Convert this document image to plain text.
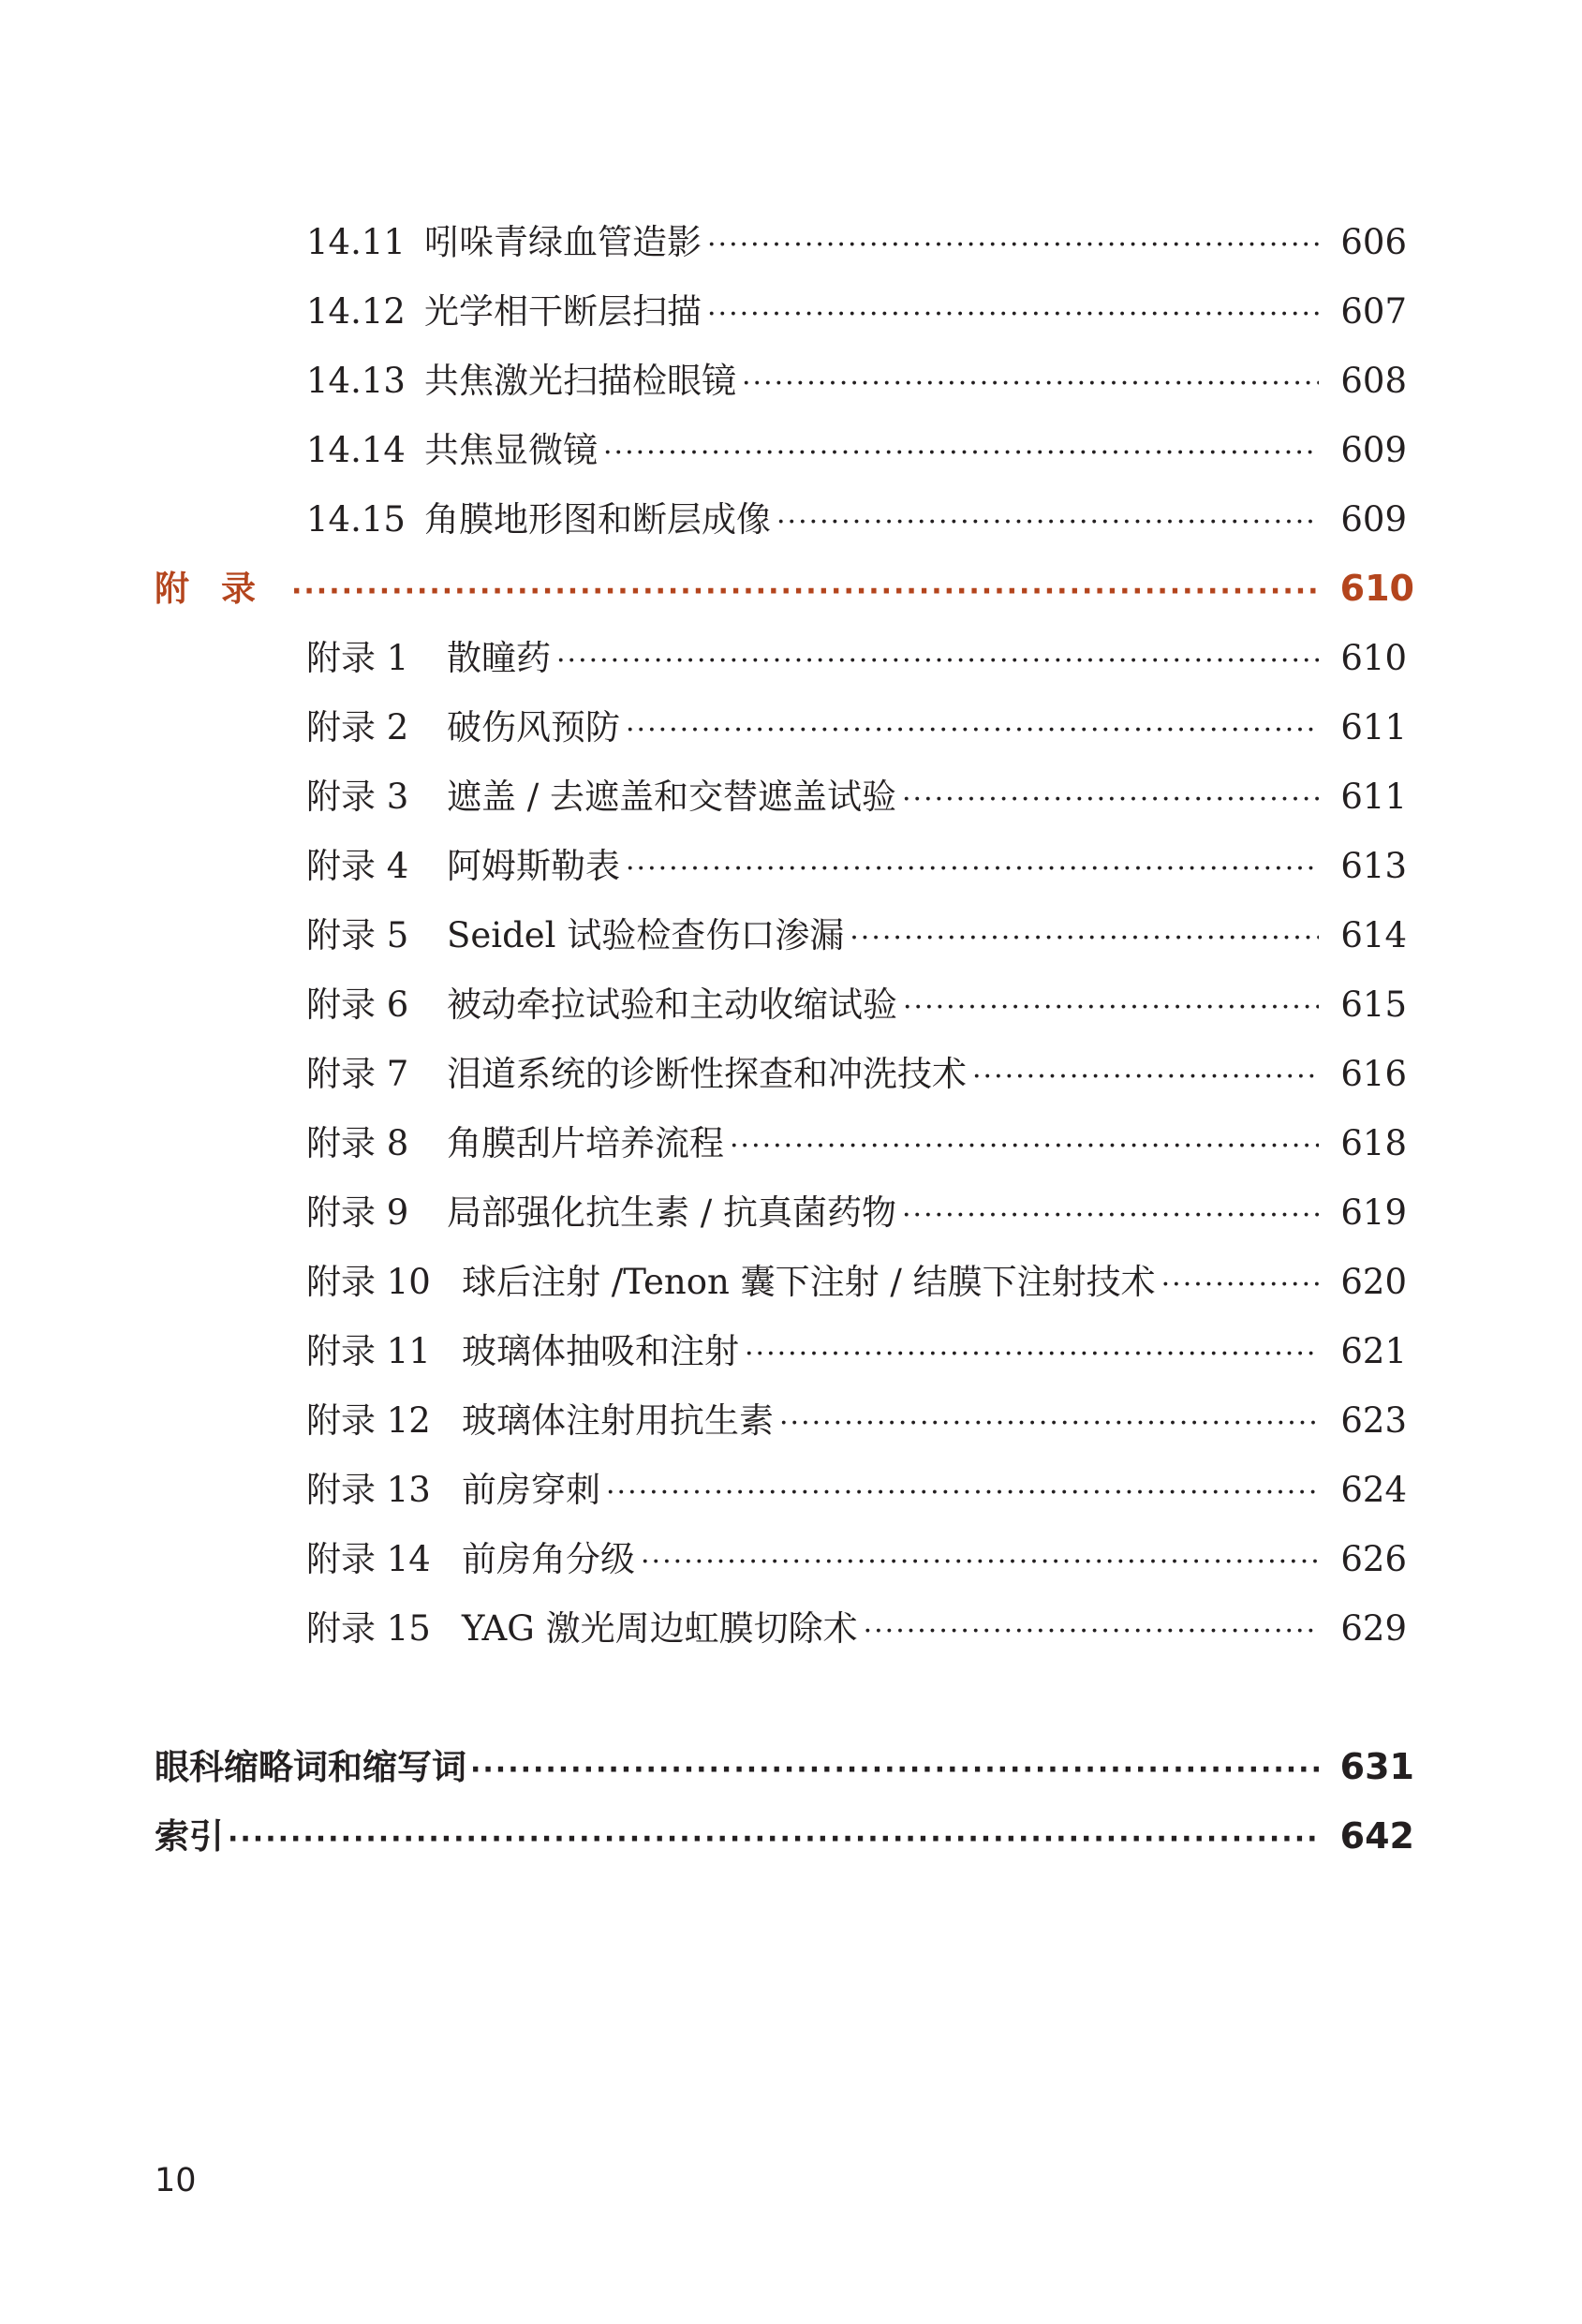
14.11 吲哚青绿血管造影 ·····	606
14.12 光学相干断层扫描 ·····	607
14.13 共焦激光扫描检眼镜 ·····	608
14.14 共焦显微镜 ·····	609
14.15 角膜地形图和断层成像 ·····	609
附录 ·····	610
附录 1	散瞳药 ·····	610
附录 2	破伤风预防 ·····	611
附录 3	遮盖 / 去遮盖和交替遮盖试验 ·····	611
附录 4	阿姆斯勒表 ·····	613
附录 5	Seidel 试验检查伤口渗漏 ·····	614
附录 6	被动牵拉试验和主动收缩试验 ·····	615
附录 7	泪道系统的诊断性探查和冲洗技术 ·····	616
附录 8	角膜刮片培养流程 ·····	618
附录 9	局部强化抗生素 / 抗真菌药物 ·····	619
附录 10 球后注射 /Tenon 囊下注射 / 结膜下注射技术 ·····	620
附录 11 玻璃体抽吸和注射 ·····	621
附录 12 玻璃体注射用抗生素 ·····	623
附录 13 前房穿刺 ·····	624
附录 14 前房角分级 ·····	626
附录 15 YAG 激光周边虹膜切除术 ·····	629
眼科缩略词和缩写词 ·····	631
索引 ·····	642
10
